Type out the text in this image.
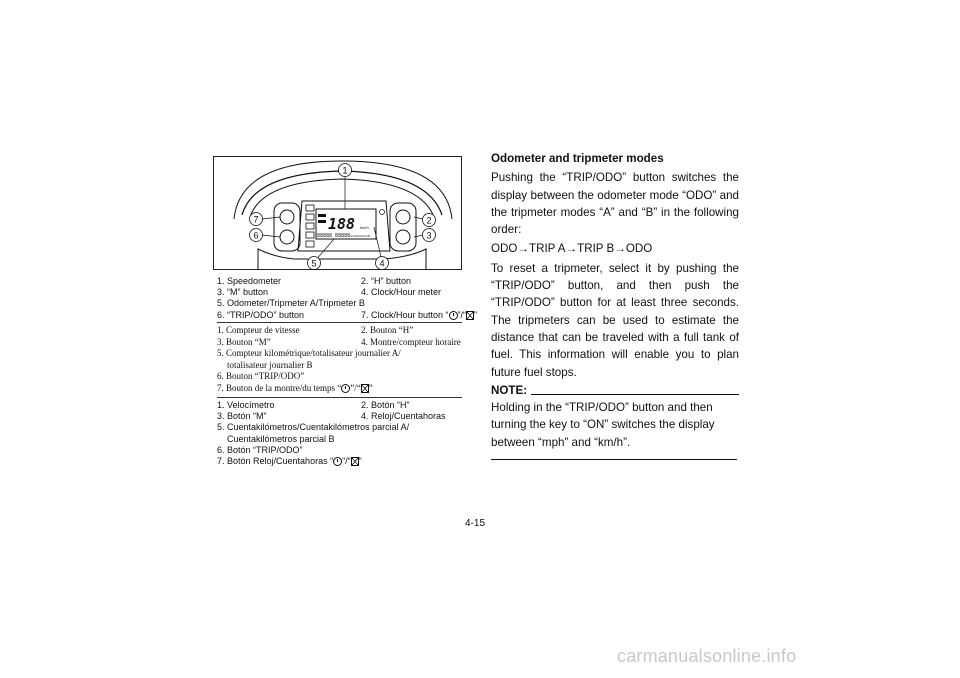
188 km/h
88888 88888 CLOCK/HOUR
1
2
3
4
5
6
7
1. Speedometer	2. “H” button
3. “M” button	4. Clock/Hour meter
5. Odometer/Tripmeter A/Tripmeter B
6. “TRIP/ODO” button	7. Clock/Hour button “ ”/“ ”
1. Compteur de vitesse	2. Bouton “H”
3. Bouton “M”	4. Montre/compteur horaire
5. Compteur kilométrique/totalisateur journalier A/
totalisateur journalier B
6. Bouton “TRIP/ODO”
7. Bouton de la montre/du temps “ ”/“ ”
1. Velocímetro	2. Botón “H”
3. Botón “M”	4. Reloj/Cuentahoras
5. Cuentakilómetros/Cuentakilómetros parcial A/
Cuentakilómetros parcial B
6. Botón “TRIP/ODO”
7. Botón Reloj/Cuentahoras “ ”/“ ”
Odometer and tripmeter modes

Pushing the “TRIP/ODO” button switches the display between the odometer mode “ODO” and the tripmeter modes “A” and “B” in the following order:

ODO→TRIP A→TRIP B→ODO

To reset a tripmeter, select it by pushing the “TRIP/ODO” button, and then push the “TRIP/ODO” button for at least three seconds. The tripmeters can be used to estimate the distance that can be traveled with a full tank of fuel. This information will enable you to plan future fuel stops.

NOTE:

Holding in the “TRIP/ODO” button and then turning the key to “ON” switches the display between “mph” and “km/h”.

4-15
carmanualsonline.info
